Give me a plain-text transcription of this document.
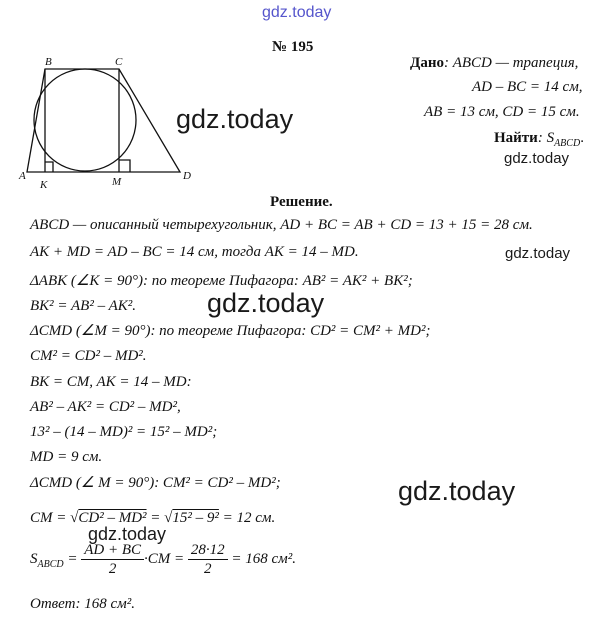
gdz.today
№ 195
B	C
A
K	M	D
gdz.today
Дано: ABCD — трапеция,
AD – BC = 14 см,
AB = 13 см, CD = 15 см.
Найти: $S_{ABCD}$.
gdz.today
Решение.
ABCD — описанный четырехугольник, AD + BC = AB + CD = 13 + 15 = 28 см.
AK + MD = AD – BC = 14 см, тогда AK = 14 – MD.	gdz.today
ΔABK (∠K = 90°): по теореме Пифагора: AB² = AK² + BK²;
BK² = AB² – AK².	gdz.today
ΔCMD (∠M = 90°): по теореме Пифагора: CD² = CM² + MD²;
CM² = CD² – MD².
BK = CM, AK = 14 – MD:
AB² – AK² = CD² – MD²,
13² – (14 – MD)² = 15² – MD²;
MD = 9 см.
ΔCMD (∠ M = 90°): CM² = CD² – MD²;	gdz.today
CM = √CD² – MD² = √15² – 9² = 12 см.
gdz.today
$S_{ABCD} = \frac{AD + BC}{2} \cdot CM = \frac{28\cdot 12}{2} = 168$ см².
Ответ: 168 см².
